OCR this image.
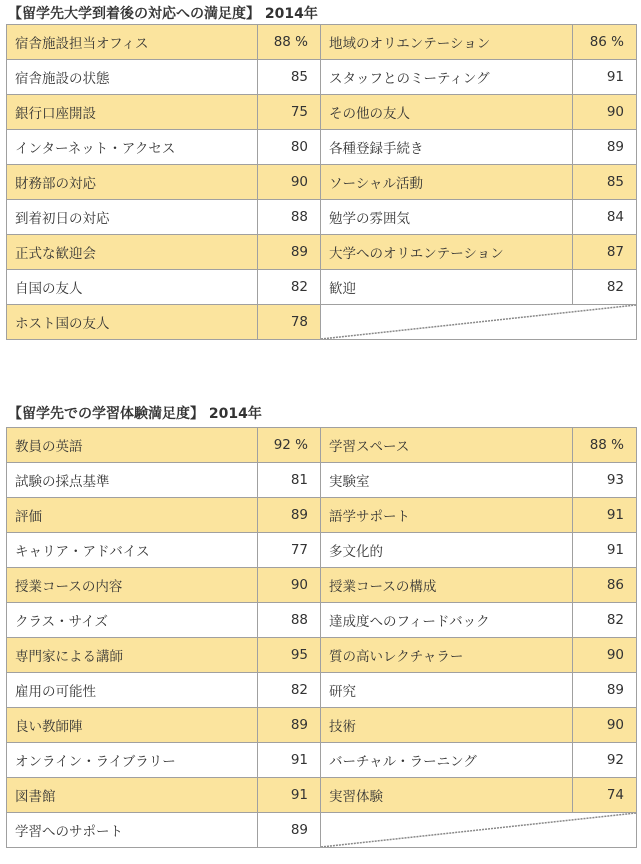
【留学先大学到着後の対応への満足度】 2014年
宿舎施設担当オフィス	88 %	地域のオリエンテーション	86 %
宿舎施設の状態	85	スタッフとのミーティング	91
銀行口座開設	75	その他の友人	90
インターネット・アクセス	80	各種登録手続き	89
財務部の対応	90	ソーシャル活動	85
到着初日の対応	88	勉学の雰囲気	84
正式な歓迎会	89	大学へのオリエンテーション	87
自国の友人	82	歓迎	82
ホスト国の友人	78	
【留学先での学習体験満足度】 2014年
教員の英語	92 %	学習スペース	88 %
試験の採点基準	81	実験室	93
評価	89	語学サポート	91
キャリア・アドバイス	77	多文化的	91
授業コースの内容	90	授業コースの構成	86
クラス・サイズ	88	達成度へのフィードバック	82
専門家による講師	95	質の高いレクチャラー	90
雇用の可能性	82	研究	89
良い教師陣	89	技術	90
オンライン・ライブラリー	91	バーチャル・ラーニング	92
図書館	91	実習体験	74
学習へのサポート	89	
